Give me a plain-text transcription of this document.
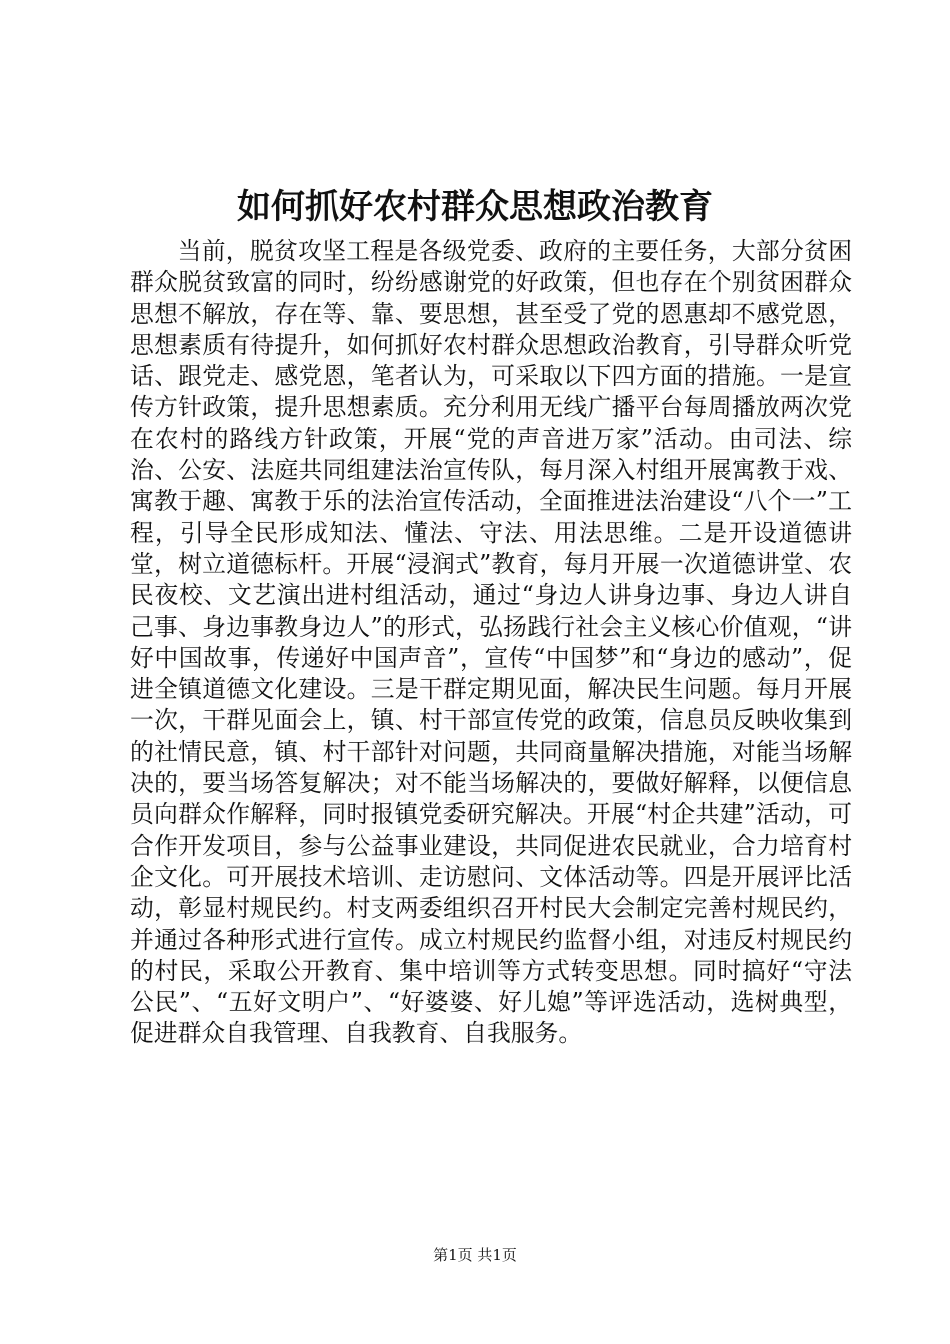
如何抓好农村群众思想政治教育

当前，脱贫攻坚工程是各级党委、政府的主要任务，大部分贫困群众脱贫致富的同时，纷纷感谢党的好政策，但也存在个别贫困群众思想不解放，存在等、靠、要思想，甚至受了党的恩惠却不感党恩，思想素质有待提升，如何抓好农村群众思想政治教育，引导群众听党话、跟党走、感党恩，笔者认为，可采取以下四方面的措施。一是宣传方针政策，提升思想素质。充分利用无线广播平台每周播放两次党在农村的路线方针政策，开展“党的声音进万家”活动。由司法、综治、公安、法庭共同组建法治宣传队，每月深入村组开展寓教于戏、寓教于趣、寓教于乐的法治宣传活动，全面推进法治建设“八个一”工程，引导全民形成知法、懂法、守法、用法思维。二是开设道德讲堂，树立道德标杆。开展“浸润式”教育，每月开展一次道德讲堂、农民夜校、文艺演出进村组活动，通过“身边人讲身边事、身边人讲自己事、身边事教身边人”的形式，弘扬践行社会主义核心价值观，“讲好中国故事，传递好中国声音”，宣传“中国梦”和“身边的感动”，促进全镇道德文化建设。三是干群定期见面，解决民生问题。每月开展一次，干群见面会上，镇、村干部宣传党的政策，信息员反映收集到的社情民意，镇、村干部针对问题，共同商量解决措施，对能当场解决的，要当场答复解决；对不能当场解决的，要做好解释，以便信息员向群众作解释，同时报镇党委研究解决。开展“村企共建”活动，可合作开发项目，参与公益事业建设，共同促进农民就业，合力培育村企文化。可开展技术培训、走访慰问、文体活动等。四是开展评比活动，彰显村规民约。村支两委组织召开村民大会制定完善村规民约，并通过各种形式进行宣传。成立村规民约监督小组，对违反村规民约的村民，采取公开教育、集中培训等方式转变思想。同时搞好“守法公民”、“五好文明户”、“好婆婆、好儿媳”等评选活动，选树典型，促进群众自我管理、自我教育、自我服务。

第1页 共1页
